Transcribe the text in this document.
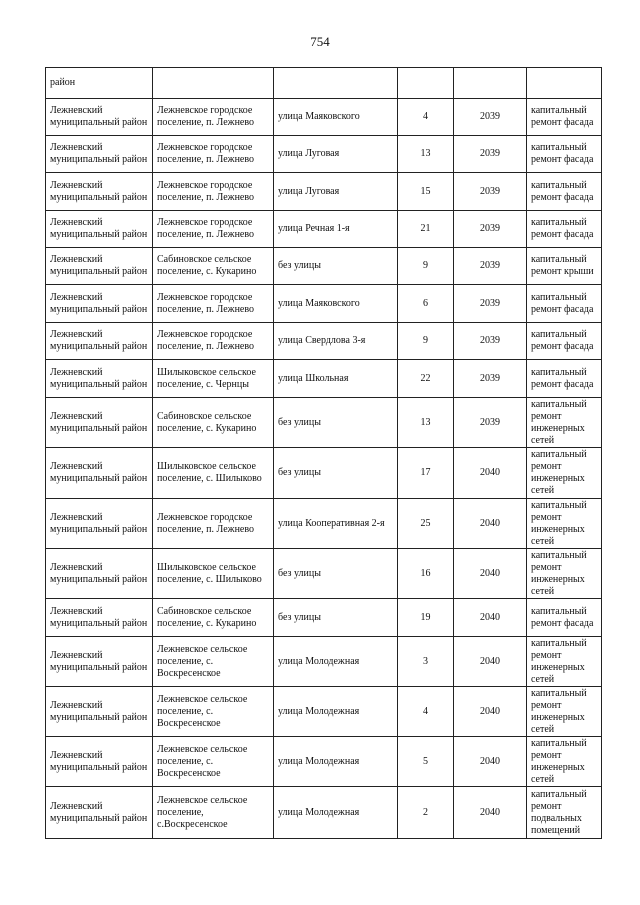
754
район					
Лежневский муниципальный район	Лежневское городское поселение, п. Лежнево	улица Маяковского	4	2039	капитальный ремонт фасада
Лежневский муниципальный район	Лежневское городское поселение, п. Лежнево	улица Луговая	13	2039	капитальный ремонт фасада
Лежневский муниципальный район	Лежневское городское поселение, п. Лежнево	улица Луговая	15	2039	капитальный ремонт фасада
Лежневский муниципальный район	Лежневское городское поселение, п. Лежнево	улица Речная 1-я	21	2039	капитальный ремонт фасада
Лежневский муниципальный район	Сабиновское сельское поселение, с. Кукарино	без улицы	9	2039	капитальный ремонт крыши
Лежневский муниципальный район	Лежневское городское поселение, п. Лежнево	улица Маяковского	6	2039	капитальный ремонт фасада
Лежневский муниципальный район	Лежневское городское поселение, п. Лежнево	улица Свердлова 3-я	9	2039	капитальный ремонт фасада
Лежневский муниципальный район	Шилыковское сельское поселение, с. Чернцы	улица Школьная	22	2039	капитальный ремонт фасада
Лежневский муниципальный район	Сабиновское сельское поселение, с. Кукарино	без улицы	13	2039	капитальный ремонт инженерных сетей
Лежневский муниципальный район	Шилыковское сельское поселение, с. Шилыково	без улицы	17	2040	капитальный ремонт инженерных сетей
Лежневский муниципальный район	Лежневское городское поселение, п. Лежнево	улица Кооперативная 2-я	25	2040	капитальный ремонт инженерных сетей
Лежневский муниципальный район	Шилыковское сельское поселение, с. Шилыково	без улицы	16	2040	капитальный ремонт инженерных сетей
Лежневский муниципальный район	Сабиновское сельское поселение, с. Кукарино	без улицы	19	2040	капитальный ремонт фасада
Лежневский муниципальный район	Лежневское сельское поселение, с. Воскресенское	улица Молодежная	3	2040	капитальный ремонт инженерных сетей
Лежневский муниципальный район	Лежневское сельское поселение, с. Воскресенское	улица Молодежная	4	2040	капитальный ремонт инженерных сетей
Лежневский муниципальный район	Лежневское сельское поселение, с. Воскресенское	улица Молодежная	5	2040	капитальный ремонт инженерных сетей
Лежневский муниципальный район	Лежневское сельское поселение, с.Воскресенское	улица Молодежная	2	2040	капитальный ремонт подвальных помещений
